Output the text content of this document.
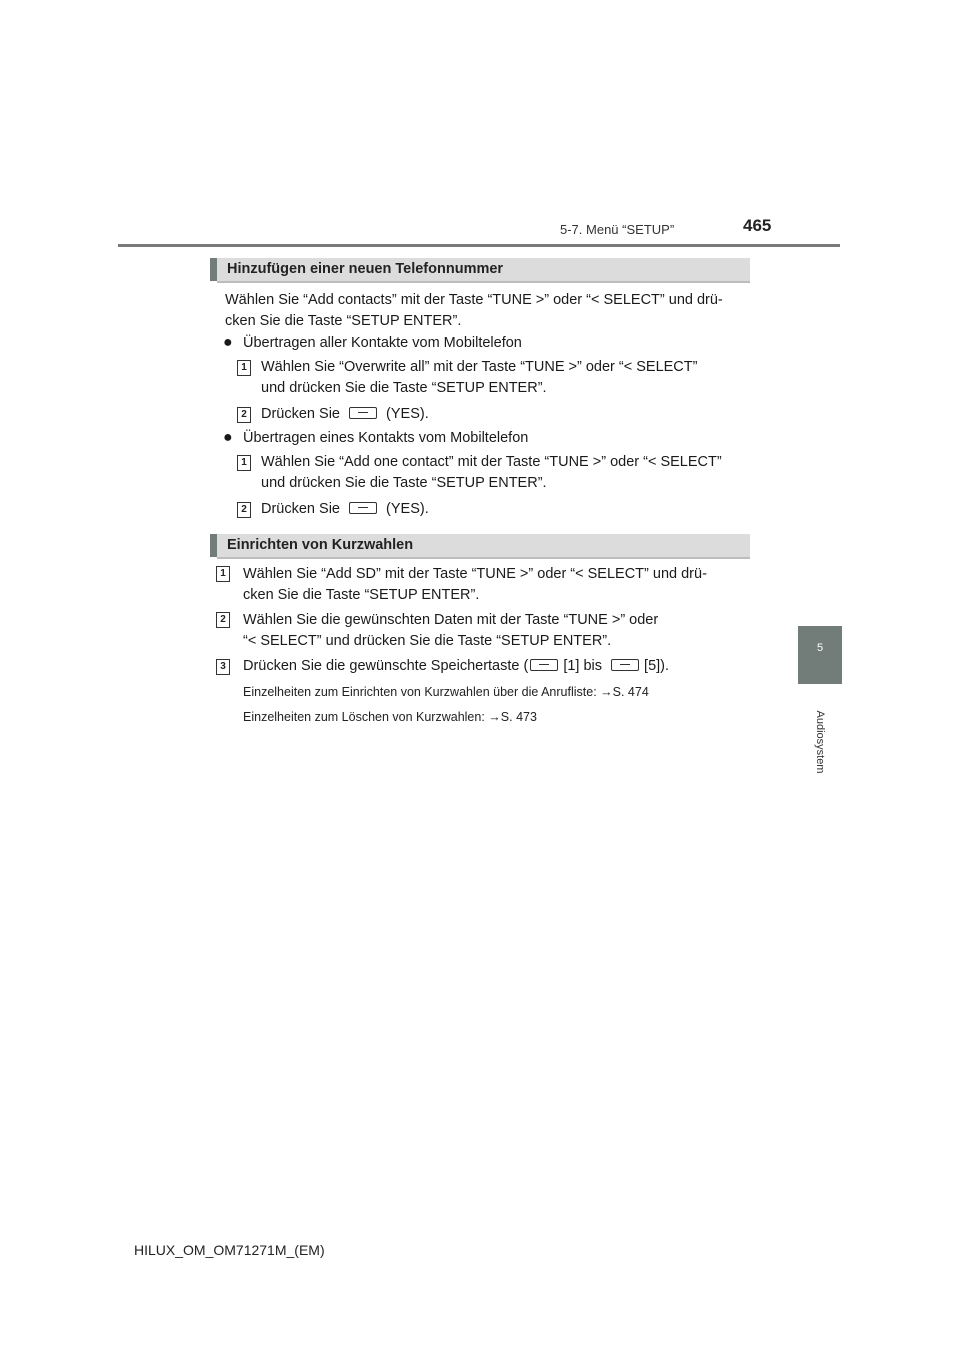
5-7. Menü “SETUP”	465
5
Audiosystem
Hinzufügen einer neuen Telefonnummer
Wählen Sie “Add contacts” mit der Taste “TUNE >” oder “< SELECT” und drü-
cken Sie die Taste “SETUP ENTER”.
● Übertragen aller Kontakte vom Mobiltelefon
1 Wählen Sie “Overwrite all” mit der Taste “TUNE >” oder “< SELECT”
und drücken Sie die Taste “SETUP ENTER”.
2 Drücken Sie	(YES).
● Übertragen eines Kontakts vom Mobiltelefon
1 Wählen Sie “Add one contact” mit der Taste “TUNE >” oder “< SELECT”
und drücken Sie die Taste “SETUP ENTER”.
2 Drücken Sie	(YES).
Einrichten von Kurzwahlen
1 Wählen Sie “Add SD” mit der Taste “TUNE >” oder “< SELECT” und drü-
cken Sie die Taste “SETUP ENTER”.
2 Wählen Sie die gewünschten Daten mit der Taste “TUNE >” oder
“< SELECT” und drücken Sie die Taste “SETUP ENTER”.
3 Drücken Sie die gewünschte Speichertaste ( [1] bis	[5]).
Einzelheiten zum Einrichten von Kurzwahlen über die Anrufliste: →S. 474
Einzelheiten zum Löschen von Kurzwahlen: →S. 473
HILUX_OM_OM71271M_(EM)
